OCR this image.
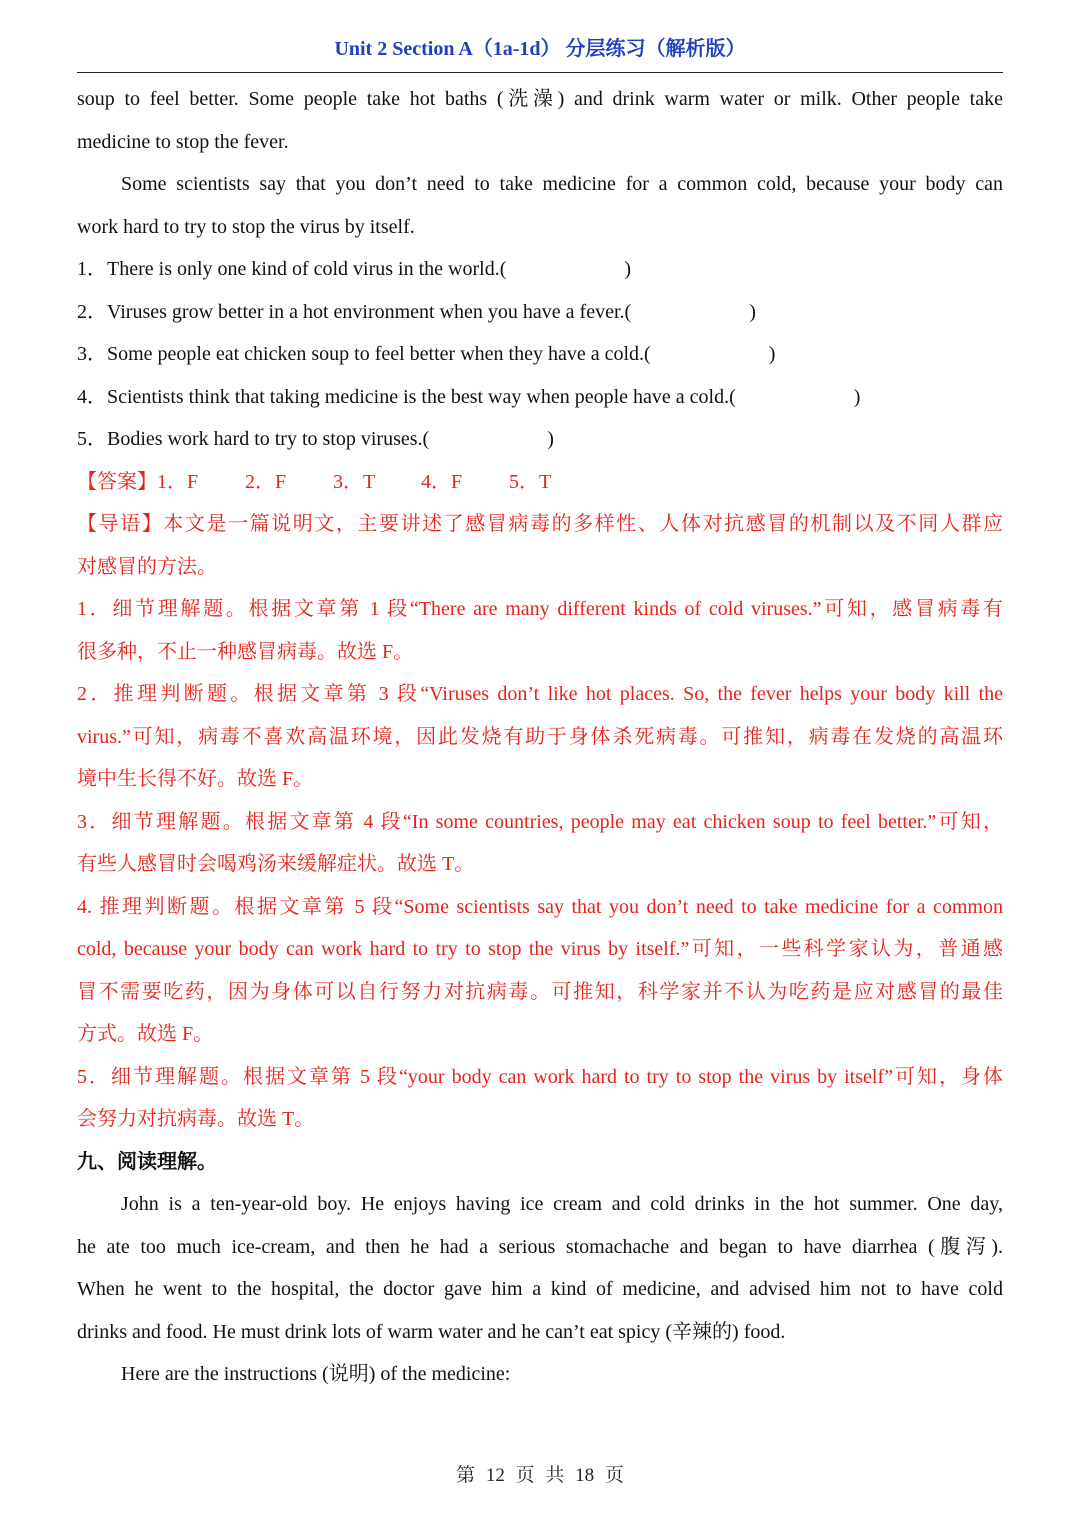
Unit 2 Section A（1a-1d） 分层练习（解析版）
soup to feel better. Some people take hot baths (洗澡) and drink warm water or milk. Other people take
medicine to stop the fever.
Some scientists say that you don’t need to take medicine for a common cold, because your body can
work hard to try to stop the virus by itself.
1．There is only one kind of cold virus in the world.(	)
2．Viruses grow better in a hot environment when you have a fever.(	)
3．Some people eat chicken soup to feel better when they have a cold.(	)
4．Scientists think that taking medicine is the best way when people have a cold.(	)
5．Bodies work hard to try to stop viruses.(	)
【答案】1．F 2．F 3．T 4．F 5．T
【导语】本文是一篇说明文，主要讲述了感冒病毒的多样性、人体对抗感冒的机制以及不同人群应
对感冒的方法。
1．细节理解题。根据文章第 1 段“There are many different kinds of cold viruses.”可知，感冒病毒有
很多种，不止一种感冒病毒。故选 F。
2．推理判断题。根据文章第 3 段“Viruses don’t like hot places. So, the fever helps your body kill the
virus.”可知，病毒不喜欢高温环境，因此发烧有助于身体杀死病毒。可推知，病毒在发烧的高温环
境中生长得不好。故选 F。
3．细节理解题。根据文章第 4 段“In some countries, people may eat chicken soup to feel better.”可知，
有些人感冒时会喝鸡汤来缓解症状。故选 T。
4. 推理判断题。根据文章第 5 段“Some scientists say that you don’t need to take medicine for a common
cold, because your body can work hard to try to stop the virus by itself.”可知，一些科学家认为，普通感
冒不需要吃药，因为身体可以自行努力对抗病毒。可推知，科学家并不认为吃药是应对感冒的最佳
方式。故选 F。
5．细节理解题。根据文章第 5 段“your body can work hard to try to stop the virus by itself”可知，身体
会努力对抗病毒。故选 T。
九、阅读理解。
John is a ten-year-old boy. He enjoys having ice cream and cold drinks in the hot summer. One day,
he ate too much ice-cream, and then he had a serious stomachache and began to have diarrhea (腹泻).
When he went to the hospital, the doctor gave him a kind of medicine, and advised him not to have cold
drinks and food. He must drink lots of warm water and he can’t eat spicy (辛辣的) food.
Here are the instructions (说明) of the medicine:
第 12 页 共 18 页
